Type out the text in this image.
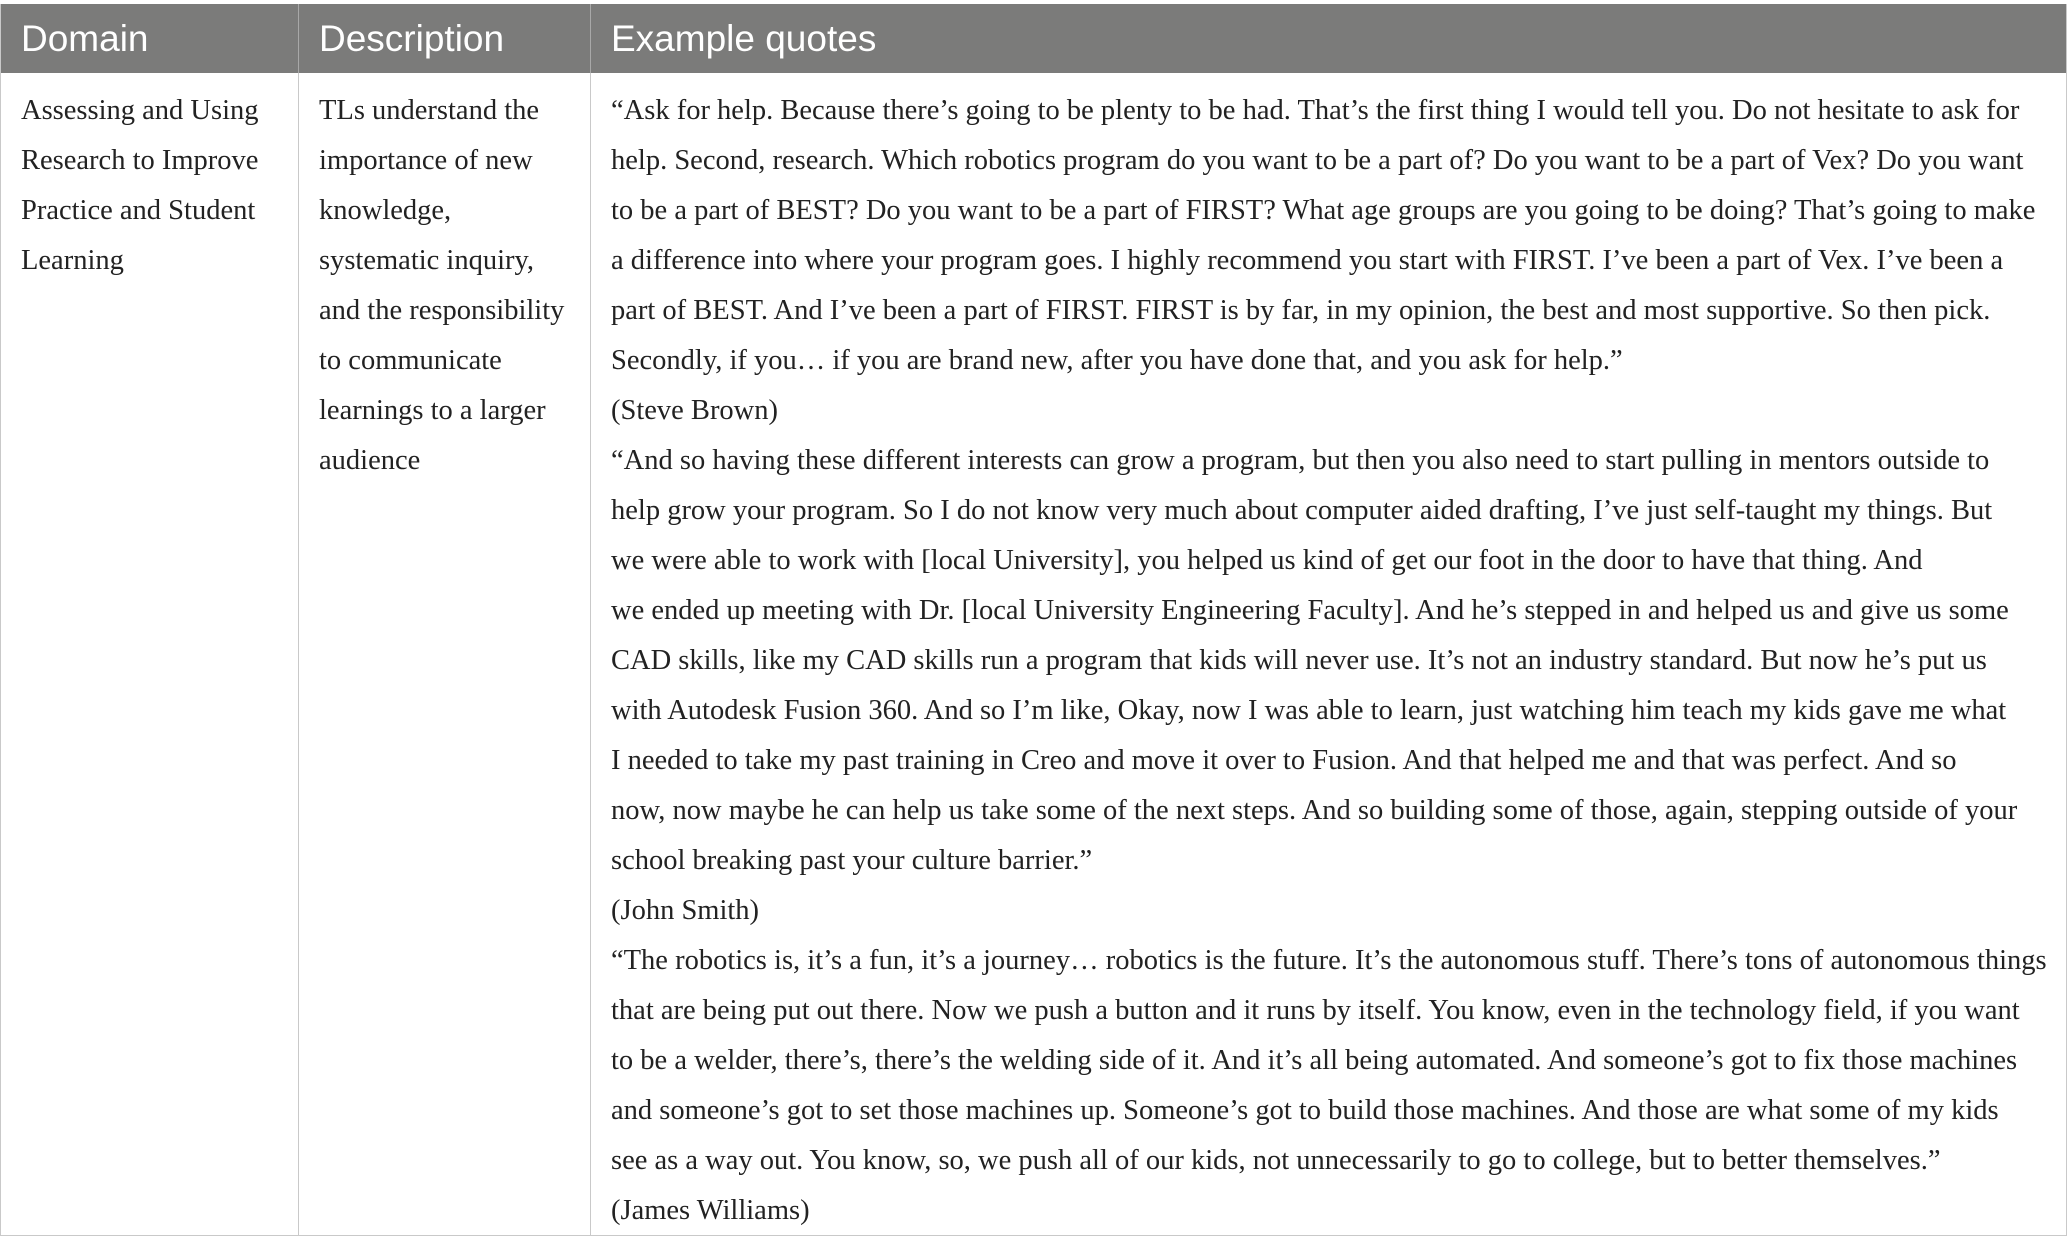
Domain	Description	Example quotes
Assessing and Using
Research to Improve
Practice and Student
Learning
TLs understand the
importance of new
knowledge,
systematic inquiry,
and the responsibility
to communicate
learnings to a larger
audience
“Ask for help. Because there’s going to be plenty to be had. That’s the first thing I would tell you. Do not hesitate to ask for
help. Second, research. Which robotics program do you want to be a part of? Do you want to be a part of Vex? Do you want
to be a part of BEST? Do you want to be a part of FIRST? What age groups are you going to be doing? That’s going to make
a difference into where your program goes. I highly recommend you start with FIRST. I’ve been a part of Vex. I’ve been a
part of BEST. And I’ve been a part of FIRST. FIRST is by far, in my opinion, the best and most supportive. So then pick.
Secondly, if you… if you are brand new, after you have done that, and you ask for help.”
(Steve Brown)
“And so having these different interests can grow a program, but then you also need to start pulling in mentors outside to
help grow your program. So I do not know very much about computer aided drafting, I’ve just self-taught my things. But
we were able to work with [local University], you helped us kind of get our foot in the door to have that thing. And
we ended up meeting with Dr. [local University Engineering Faculty]. And he’s stepped in and helped us and give us some
CAD skills, like my CAD skills run a program that kids will never use. It’s not an industry standard. But now he’s put us
with Autodesk Fusion 360. And so I’m like, Okay, now I was able to learn, just watching him teach my kids gave me what
I needed to take my past training in Creo and move it over to Fusion. And that helped me and that was perfect. And so
now, now maybe he can help us take some of the next steps. And so building some of those, again, stepping outside of your
school breaking past your culture barrier.”
(John Smith)
“The robotics is, it’s a fun, it’s a journey… robotics is the future. It’s the autonomous stuff. There’s tons of autonomous things
that are being put out there. Now we push a button and it runs by itself. You know, even in the technology field, if you want
to be a welder, there’s, there’s the welding side of it. And it’s all being automated. And someone’s got to fix those machines
and someone’s got to set those machines up. Someone’s got to build those machines. And those are what some of my kids
see as a way out. You know, so, we push all of our kids, not unnecessarily to go to college, but to better themselves.”
(James Williams)
